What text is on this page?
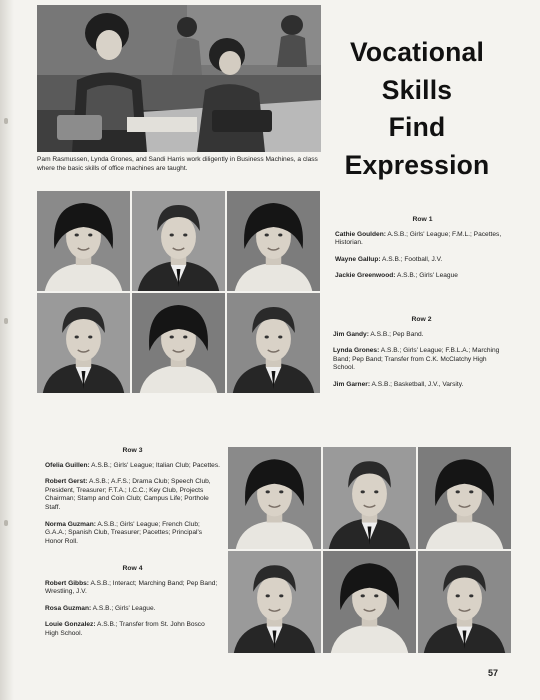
Pam Rasmussen, Lynda Grones, and Sandi Harris work diligently in Business Machines, a class where the basic skills of office machines are taught.
Vocational
Skills
Find
Expression
Row 1
Cathie Goulden: A.S.B.; Girls' League; F.M.L.; Pacettes, Historian.
Wayne Gallup: A.S.B.; Football, J.V.
Jackie Greenwood: A.S.B.; Girls' League
Row 2
Jim Gandy: A.S.B.; Pep Band.
Lynda Grones: A.S.B.; Girls' League; F.B.L.A.; Marching Band; Pep Band; Transfer from C.K. McClatchy High School.
Jim Garner: A.S.B.; Basketball, J.V., Varsity.
Row 3
Ofelia Guillen: A.S.B.; Girls' League; Italian Club; Pacettes.
Robert Gerst: A.S.B.; A.F.S.; Drama Club; Speech Club, President, Treasurer; F.T.A.; I.C.C.; Key Club, Projects Chairman; Stamp and Coin Club; Campus Life; Porthole Staff.
Norma Guzman: A.S.B.; Girls' League; French Club; G.A.A.; Spanish Club, Treasurer; Pacettes; Principal's Honor Roll.
Row 4
Robert Gibbs: A.S.B.; Interact; Marching Band; Pep Band; Wrestling, J.V.
Rosa Guzman: A.S.B.; Girls' League.
Louie Gonzalez: A.S.B.; Transfer from St. John Bosco High School.
57
